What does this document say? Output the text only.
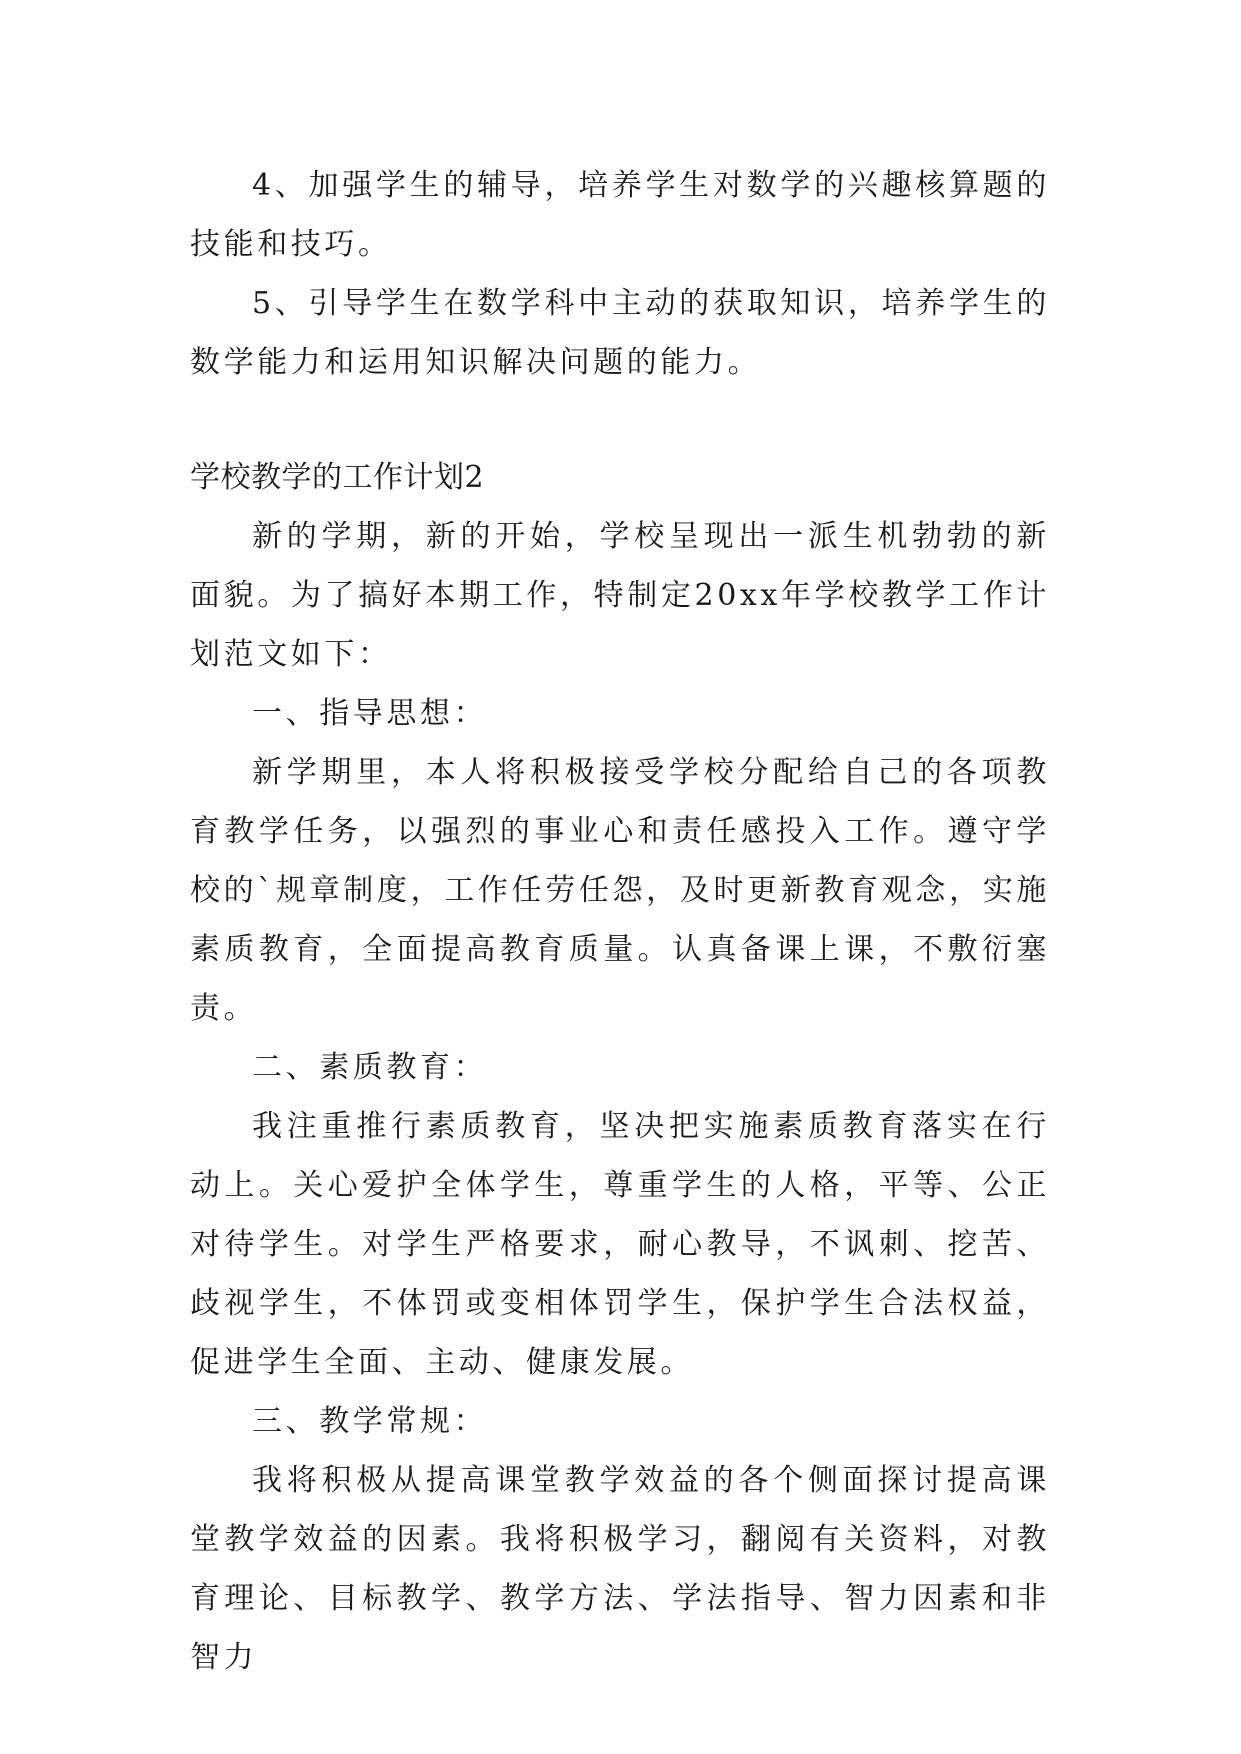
4、加强学生的辅导，培养学生对数学的兴趣核算题的技能和技巧。

5、引导学生在数学科中主动的获取知识，培养学生的数学能力和运用知识解决问题的能力。

学校教学的工作计划2

新的学期，新的开始，学校呈现出一派生机勃勃的新面貌。为了搞好本期工作，特制定20xx年学校教学工作计划范文如下：

一、指导思想：

新学期里，本人将积极接受学校分配给自己的各项教育教学任务，以强烈的事业心和责任感投入工作。遵守学校的`规章制度，工作任劳任怨，及时更新教育观念，实施素质教育，全面提高教育质量。认真备课上课，不敷衍塞责。

二、素质教育：

我注重推行素质教育，坚决把实施素质教育落实在行动上。关心爱护全体学生，尊重学生的人格，平等、公正对待学生。对学生严格要求，耐心教导，不讽刺、挖苦、歧视学生，不体罚或变相体罚学生，保护学生合法权益，促进学生全面、主动、健康发展。

三、教学常规：

我将积极从提高课堂教学效益的各个侧面探讨提高课堂教学效益的因素。我将积极学习，翻阅有关资料，对教育理论、目标教学、教学方法、学法指导、智力因素和非智力
